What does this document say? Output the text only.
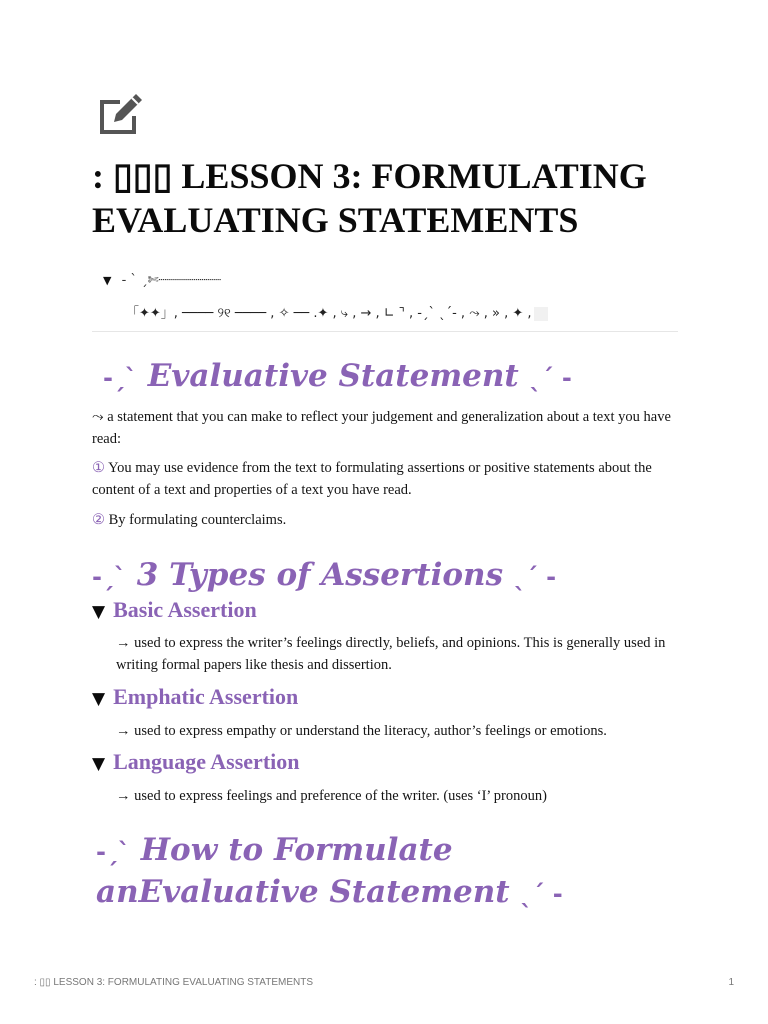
: ▯▯▯ LESSON 3: FORMULATING EVALUATING STATEMENTS
▼ - ˋ ˏ✄┈┈┈┈┈┈┈┈
「✦✦」, ──── ୨୧ ──── , ✧ ── .✦ , ⤷ , → , ∟ ⌝ , -ˏˋ ˎˊ- , ⤳ , » , ✦ ,
-ˏˋ Evaluative Statement ˎˊ -

⤳ a statement that you can make to reflect your judgement and generalization about a text you have read:

① You may use evidence from the text to formulating assertions or positive statements about the content of a text and properties of a text you have read.

② By formulating counterclaims.

-ˏˋ 3 Types of Assertions ˎˊ -
▼ Basic Assertion

→ used to express the writer’s feelings directly, beliefs, and opinions. This is generally used in writing formal papers like thesis and dissertion.

▼ Emphatic Assertion

→ used to express empathy or understand the literacy, author’s feelings or emotions.

▼ Language Assertion

→ used to express feelings and preference of the writer. (uses ‘I’ pronoun)

-ˏˋ How to Formulate anEvaluative Statement ˎˊ -
: ▯▯ LESSON 3: FORMULATING EVALUATING STATEMENTS	1
